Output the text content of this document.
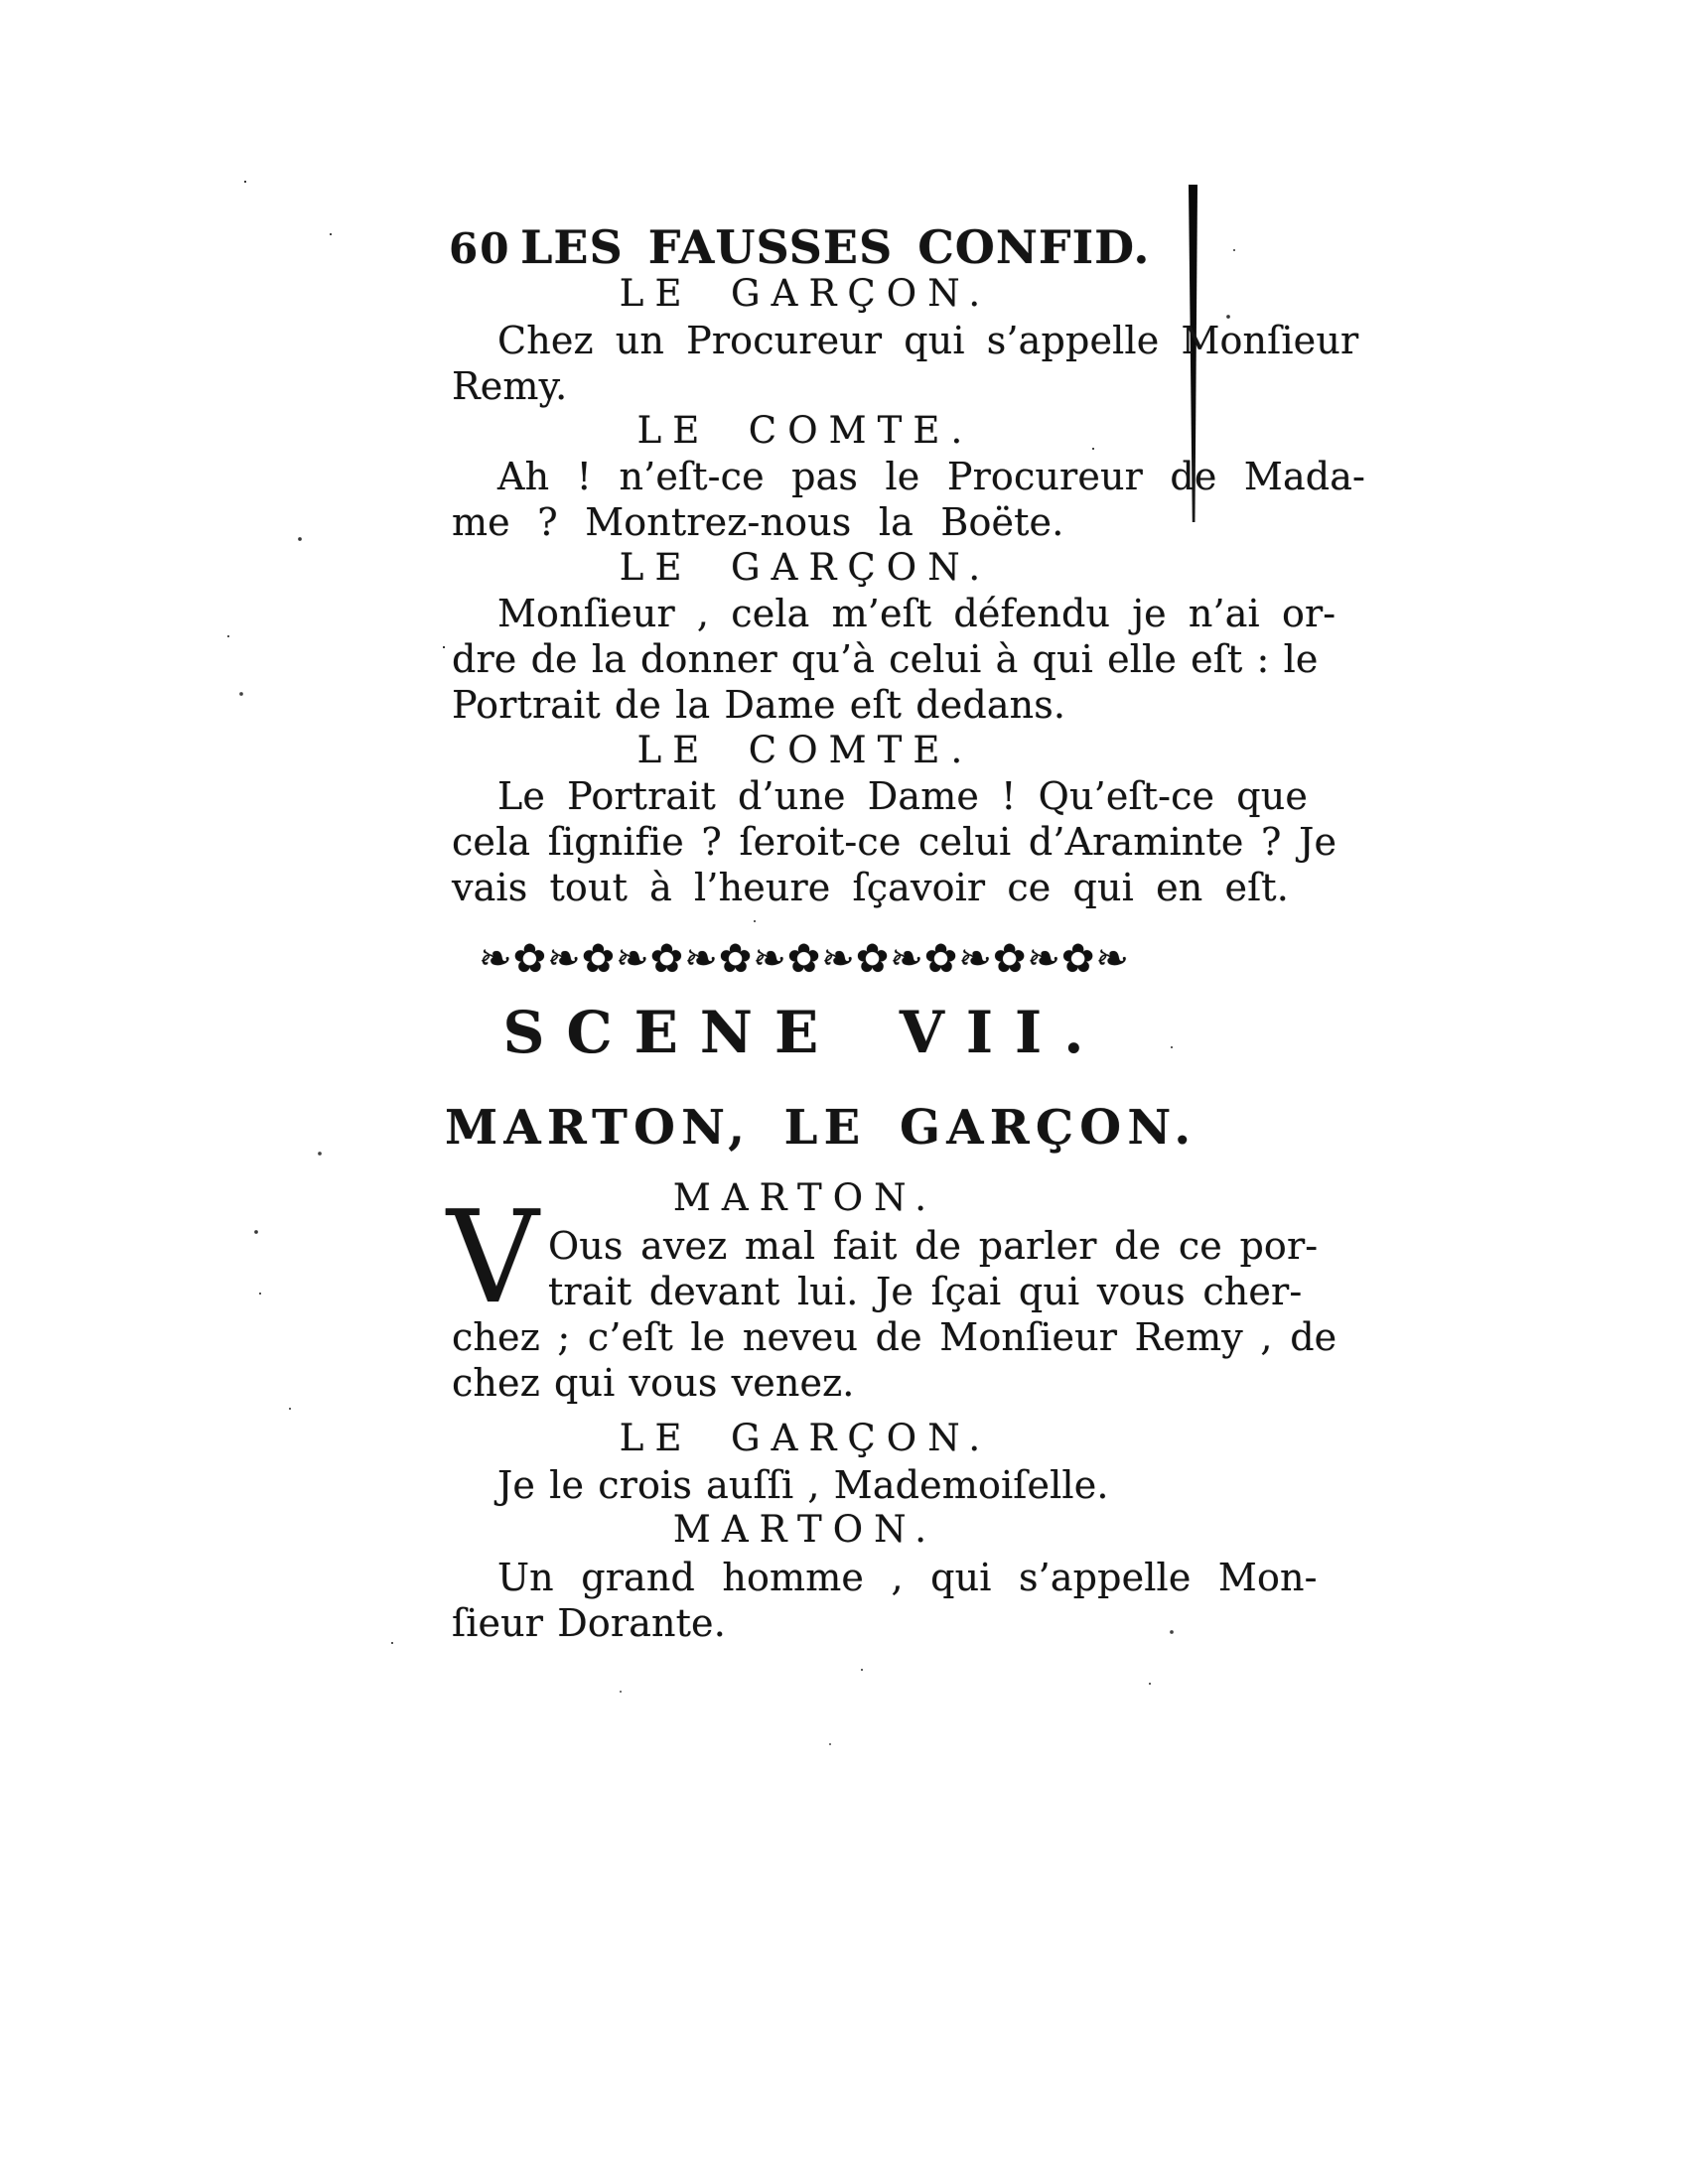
60 LES FAUSSES CONFID.
LE GARÇON.
Chez un Procureur qui s’appelle Monſieur
Remy.
LE COMTE.
Ah ! n’eſt-ce pas le Procureur de Mada-
me ? Montrez-nous la Boëte.
LE GARÇON.
Monſieur , cela m’eſt défendu je n’ai or-
dre de la donner qu’à celui à qui elle eſt : le
Portrait de la Dame eſt dedans.
LE COMTE.
Le Portrait d’une Dame ! Qu’eſt-ce que
cela ſignifie ? ſeroit-ce celui d’Araminte ? Je
vais tout à l’heure ſçavoir ce qui en eſt.
❧✿❧✿❧✿❧✿❧✿❧✿❧✿❧✿❧✿❧
SCENE VII.
MARTON, LE GARÇON.
MARTON.
V Ous avez mal fait de parler de ce por-
trait devant lui. Je ſçai qui vous cher-
chez ; c’eſt le neveu de Monſieur Remy , de
chez qui vous venez.
LE GARÇON.
Je le crois auſſi , Mademoiſelle.
MARTON.
Un grand homme , qui s’appelle Mon-
ſieur Dorante.
